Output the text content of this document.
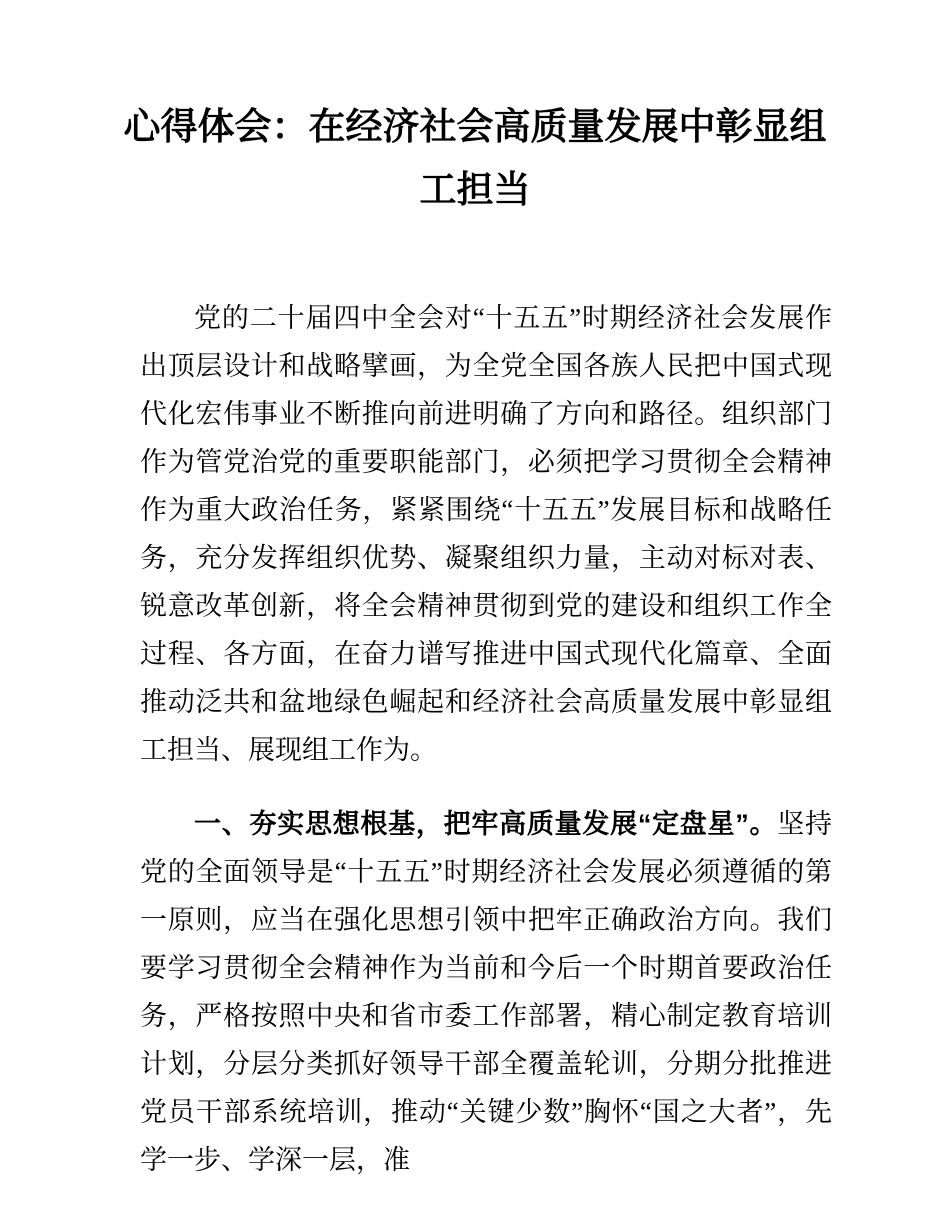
心得体会：在经济社会高质量发展中彰显组
工担当

党的二十届四中全会对“十五五”时期经济社会发展作出顶层设计和战略擘画，为全党全国各族人民把中国式现代化宏伟事业不断推向前进明确了方向和路径。组织部门作为管党治党的重要职能部门，必须把学习贯彻全会精神作为重大政治任务，紧紧围绕“十五五”发展目标和战略任务，充分发挥组织优势、凝聚组织力量，主动对标对表、锐意改革创新，将全会精神贯彻到党的建设和组织工作全过程、各方面，在奋力谱写推进中国式现代化篇章、全面推动泛共和盆地绿色崛起和经济社会高质量发展中彰显组工担当、展现组工作为。

一、夯实思想根基，把牢高质量发展“定盘星”。坚持党的全面领导是“十五五”时期经济社会发展必须遵循的第一原则，应当在强化思想引领中把牢正确政治方向。我们要学习贯彻全会精神作为当前和今后一个时期首要政治任务，严格按照中央和省市委工作部署，精心制定教育培训计划，分层分类抓好领导干部全覆盖轮训，分期分批推进党员干部系统培训，推动“关键少数”胸怀“国之大者”，先学一步、学深一层，准
